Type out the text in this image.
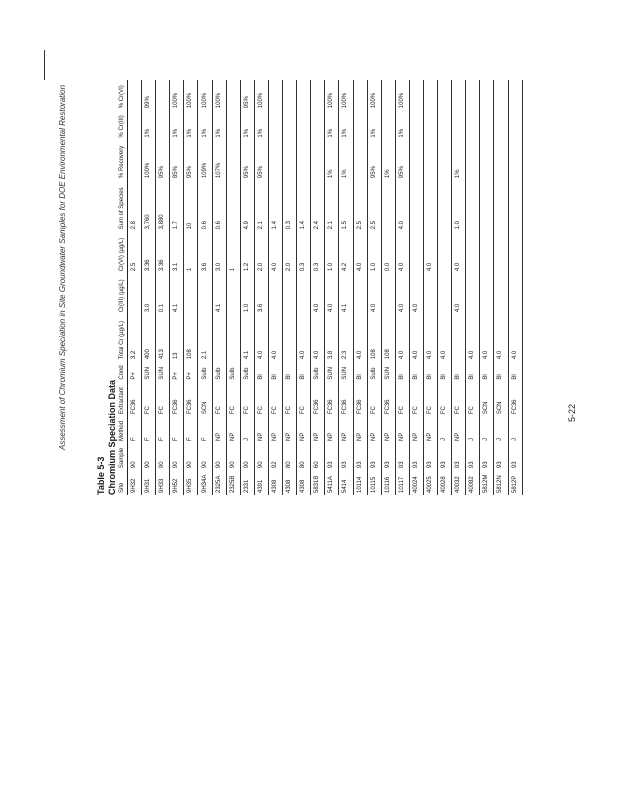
Assessment of Chromium Speciation in Site Groundwater Samples for DOE Environmental Restoration
Table 5-3 Chromium Speciation Data Site	Sample	Method	Extractant	Cond	Total Cr (µg/L)	Cr(III) (µg/L)	Cr(VI) (µg/L)	Sum of Species	% Recovery	% Cr(III)	% Cr(VI)
9H32	90	F	FC36	P+	3.2		2.5	2.8			
9H31	90	F	FC	SUN	400	3.0	3.36	3,760	100%	1%	99%
9H33	90	F	FC	SUN	413	0.1	3.36	3,880	95%		
9H52	90	F	FC36	P+	13	4.1	3.1	1.7	85%	1%	100%
9H35	90	F	FC36	P+	108		1	10	95%	1%	100%
9H34A	90	F	SCN	Sulb	2.1		3.6	0.6	109%	1%	100%
2325A	90	NP	FC	Sulb		4.1	3.0	0.6	107%	1%	100%
2325B	90	NP	FC	Sulb			1				
2331	90	J	FC	Sulb	4.1	1.0	1.2	4.9	95%	1%	95%
4391	90	NP	FC	Bl	4.0	3.6	2.0	2.1	95%	1%	100%
4308	92	NP	FC	Bl	4.0		4.0	1.4			
4308	80	NP	FC	Bl			2.0	0.3			
4308	80	NP	FC	Bl	4.0		0.3	1.4			
5831B	60	NP	FC36	Sulb	4.0	4.0	0.3	2.4			
5411A	93	NP	FC36	SUN	3.8	4.0	1.0	2.1	1%	1%	100%
5414	93	NP	FC36	SUN	2.3	4.1	4.2	1.5	1%	1%	100%
10114	93	NP	FC36	Bl	4.0		4.0	2.5			
10115	93	NP	FC	Sulb	108	4.0	1.0	2.5	95%	1%	100%
10116	93	NP	FC36	SUN	108		0.0		1%		
10117	93	NP	FC	Bl	4.0	4.0	4.0	4.0	95%	1%	100%
40024	93	NP	FC	Bl	4.0	4.0					
40025	93	NP	FC	Bl	4.0		4.0				
40028	93	J	FC	Bl	4.0						
40032	93	NP	FC	Bl		4.0	4.0	1.0	1%		
40082	93	J	FC	Bl	4.0						
5812M	93	J	SCN	Bl	4.0						
5812N	93	J	SCN	Bl	4.0						
5812P	93	J	FC36	Bl	4.0						
5-22
